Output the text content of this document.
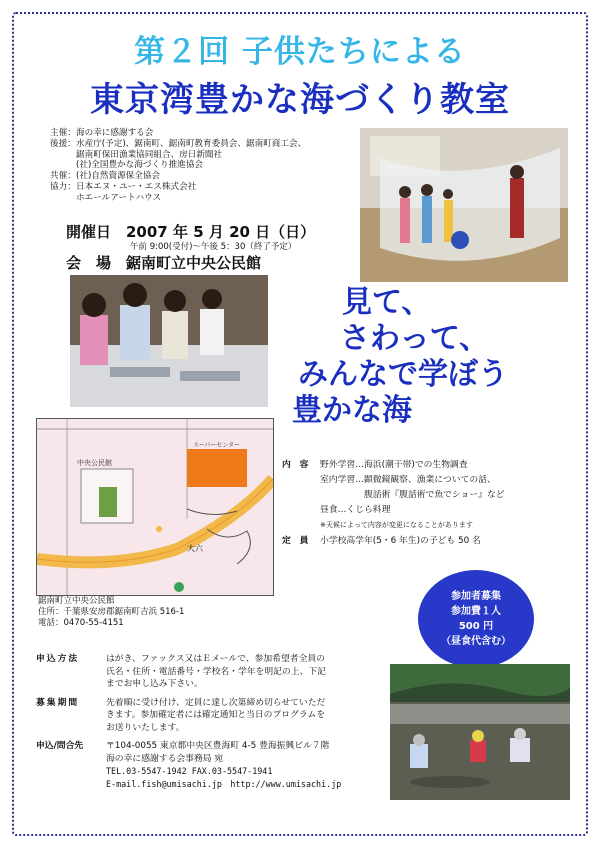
第２回 子供たちによる
東京湾豊かな海づくり教室
主催： 海の幸に感謝する会
後援： 水産庁(予定)、鋸南町、鋸南町教育委員会、鋸南町商工会、
鋸南町保田漁業協同組合、房日新聞社
(社)全国豊かな海づくり推進協会
共催： (社)自然資源保全協会
協力： 日本エヌ・ユー・エス株式会社
ホエールアートハウス
開催日　2007 年 5 月 20 日（日）
午前 9:00(受付)～午後 5：30（終了予定）
会　場　鋸南町立中央公民館
見て、
さわって、
みんなで学ぼう
豊かな海
中央公民館
スーパーセンター
大六
鋸南町立中央公民館
住所：千葉県安房郡鋸南町吉浜 516-1
電話：0470-55-4151
内　容	野外学習…海浜(潮干帯)での生物調査
室内学習…顕微鏡観察、漁業についての話、
　　　　　腹話術『腹話術で魚でショー』など
昼食…くじら料理
※天候によって内容が変更になることがあります
定　員	小学校高学年(5・6 年生)の子ども 50 名
参加者募集
参加費１人
500 円
（昼食代含む）
申込方法	はがき、ファックス又はＥメールで、参加希望者全員の
氏名・住所・電話番号・学校名・学年を明記の上、下記
までお申し込み下さい。
募集期間	先着順に受け付け、定員に達し次第締め切らせていただ
きます。参加確定者には確定通知と当日のプログラムを
お送りいたします。
申込/問合先	〒104-0055 東京都中央区豊海町 4-5 豊海振興ビル７階
海の幸に感謝する会事務局 宛
TEL.03-5547-1942 FAX.03-5547-1941
E-mail.fish@umisachi.jp　http://www.umisachi.jp
